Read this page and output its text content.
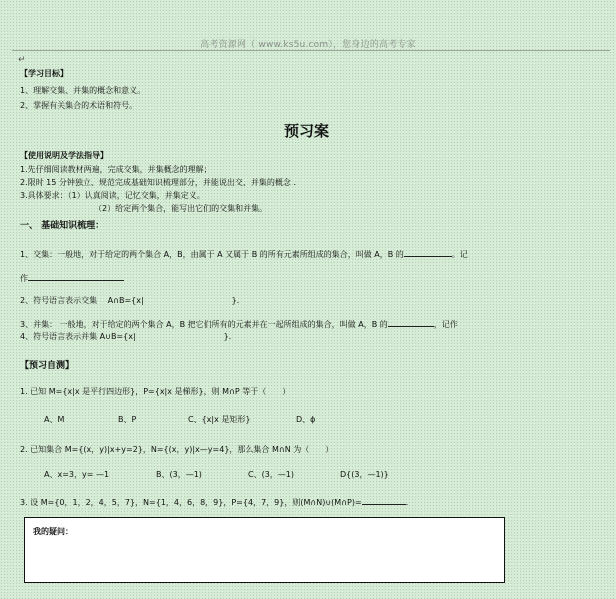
高考资源网（ www.ks5u.com），您身边的高考专家
↵
【学习目标】
1、理解交集、并集的概念和意义。
2、掌握有关集合的术语和符号。
预习案
【使用说明及学法指导】
1.先仔细阅读教材两遍，完成交集，并集概念的理解；
2.限时 15 分钟独立、规范完成基础知识梳理部分，并能说出交、并集的概念 ．
3.具体要求：（1）认真阅读，记忆交集，并集定义。
（2）给定两个集合，能写出它们的交集和并集。
一、 基础知识梳理：
1、交集：一般地，对于给定的两个集合 A，B，由属于 A 又属于 B 的所有元素所组成的集合，叫做 A，B 的	。记
作
2、符号语言表示交集　 A∩B={x|	}．
3、并集： 一般地，对于给定的两个集合 A，B 把它们所有的元素并在一起所组成的集合，叫做 A，B 的	，记作
4、符号语言表示并集 A∪B={x|	}．
【预习自测】
1. 已知 M={x|x 是平行四边形}，P={x|x 是梯形}，则 M∩P 等于（　　）
A、M	B、P	C、{x|x 是矩形}	D、ϕ
2. 已知集合 M={(x，y)|x+y=2}，N={(x，y)|x—y=4}，那么集合 M∩N 为（　　）
A、x=3，y= —1	B、(3，—1)	C、(3，—1)	D{(3，—1)}
3. 设 M={0，1，2，4，5，7}，N={1，4，6，8，9}，P={4，7，9}，则(M∩N)∪(M∩P)=	．
我的疑问：
